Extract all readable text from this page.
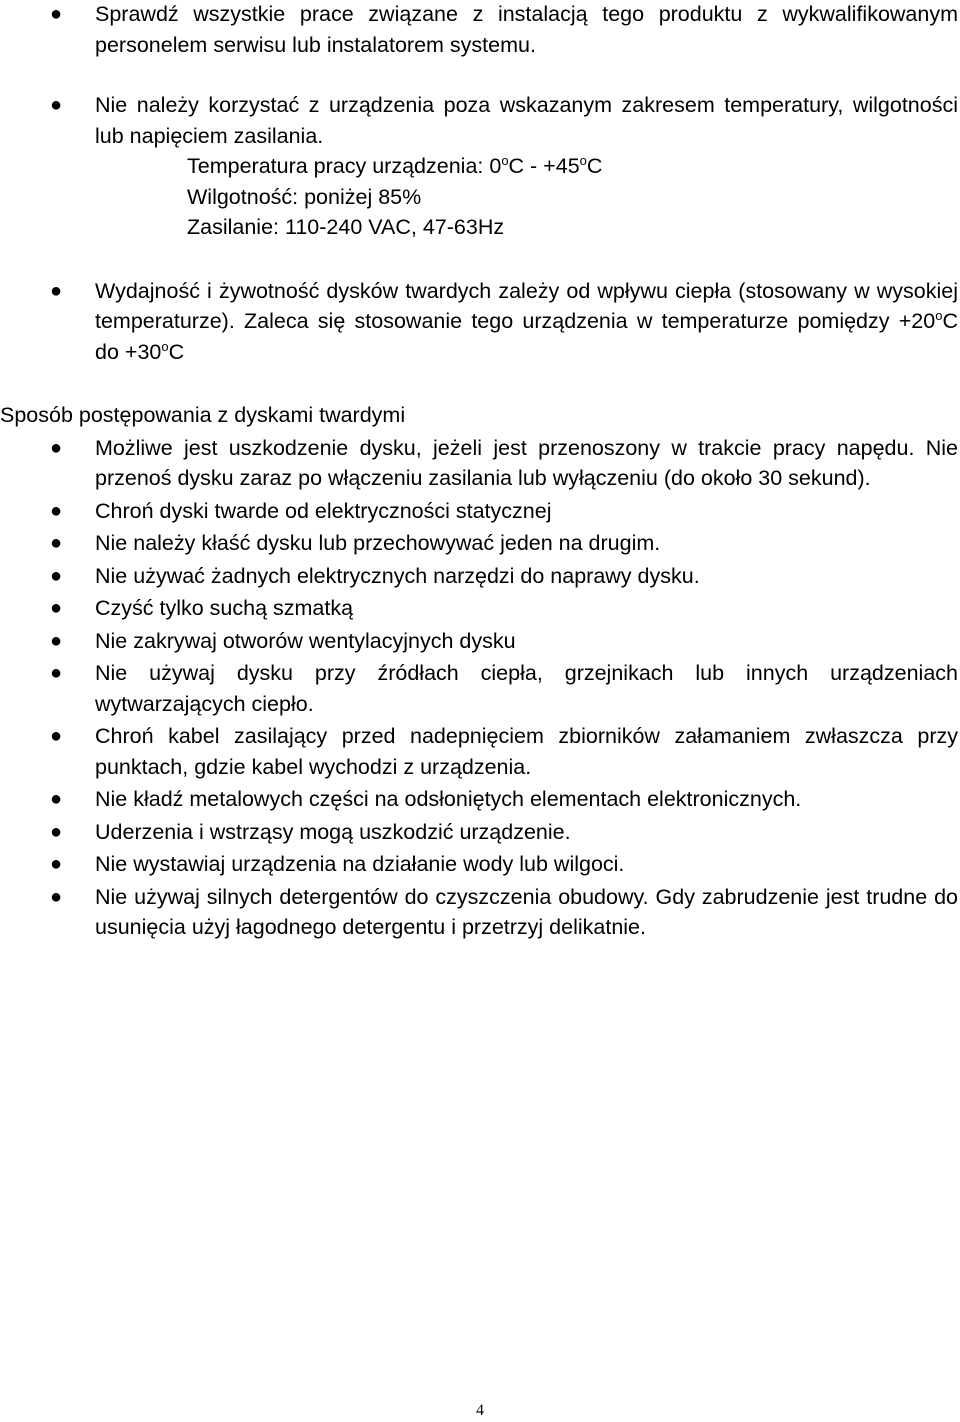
● Sprawdź wszystkie prace związane z instalacją tego produktu z wykwalifikowanym personelem serwisu lub instalatorem systemu.
● Nie należy korzystać z urządzenia poza wskazanym zakresem temperatury, wilgotności lub napięciem zasilania.

Temperatura pracy urządzenia: $0^oC - +45^oC$

Wilgotność: poniżej 85%

Zasilanie: 110-240 VAC, 47-63Hz

● Wydajność i żywotność dysków twardych zależy od wpływu ciepła (stosowany w wysokiej temperaturze). Zaleca się stosowanie tego urządzenia w temperaturze pomiędzy $+20^oC$ do $+30^oC$

Sposób postępowania z dyskami twardymi

● Możliwe jest uszkodzenie dysku, jeżeli jest przenoszony w trakcie pracy napędu. Nie przenoś dysku zaraz po włączeniu zasilania lub wyłączeniu (do około 30 sekund).
● Chroń dyski twarde od elektryczności statycznej
● Nie należy kłaść dysku lub przechowywać jeden na drugim.
● Nie używać żadnych elektrycznych narzędzi do naprawy dysku.
● Czyść tylko suchą szmatką
● Nie zakrywaj otworów wentylacyjnych dysku
● Nie używaj dysku przy źródłach ciepła, grzejnikach lub innych urządzeniach wytwarzających ciepło.
● Chroń kabel zasilający przed nadepnięciem zbiorników załamaniem zwłaszcza przy punktach, gdzie kabel wychodzi z urządzenia.
● Nie kładź metalowych części na odsłoniętych elementach elektronicznych.
● Uderzenia i wstrząsy mogą uszkodzić urządzenie.
● Nie wystawiaj urządzenia na działanie wody lub wilgoci.
● Nie używaj silnych detergentów do czyszczenia obudowy. Gdy zabrudzenie jest trudne do usunięcia użyj łagodnego detergentu i przetrzyj delikatnie.
4
